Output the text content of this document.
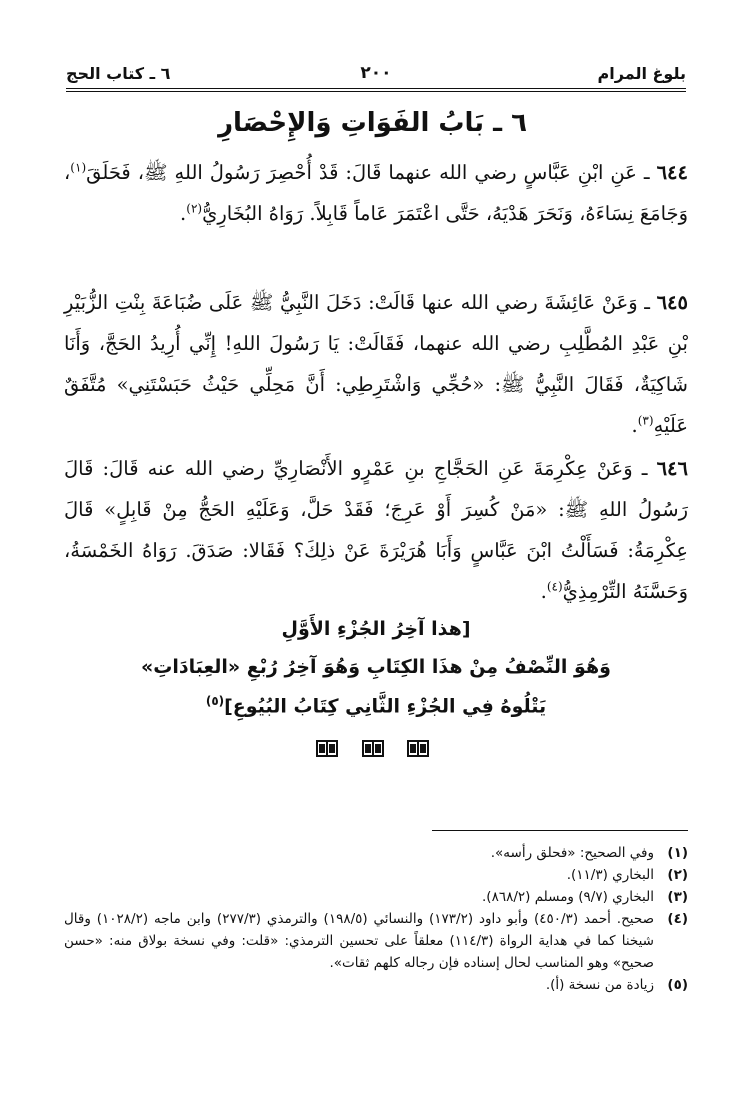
بلوغ المرام
٢٠٠
٦ ـ كتاب الحج
٦ ـ بَابُ الفَوَاتِ وَالإِحْصَارِ
٦٤٤ ـ عَنِ ابْنِ عَبَّاسٍ رضي الله عنهما قَالَ: قَدْ أُحْصِرَ رَسُولُ اللهِ ﷺ، فَحَلَقَ$^{(١)}$، وَجَامَعَ نِسَاءَهُ، وَنَحَرَ هَدْيَهُ، حَتَّى اعْتَمَرَ عَاماً قَابِلاً. رَوَاهُ البُخَارِيُّ$^{(٢)}$.
٦٤٥ ـ وَعَنْ عَائِشَةَ رضي الله عنها قَالَتْ: دَخَلَ النَّبِيُّ ﷺ عَلَى ضُبَاعَةَ بِنْتِ الزُّبَيْرِ بْنِ عَبْدِ المُطَّلِبِ رضي الله عنهما، فَقَالَتْ: يَا رَسُولَ اللهِ! إِنِّي أُرِيدُ الحَجَّ، وَأَنَا شَاكِيَةٌ، فَقَالَ النَّبِيُّ ﷺ: «حُجِّي وَاشْتَرِطِي: أَنَّ مَحِلِّي حَيْثُ حَبَسْتَنِي» مُتَّفَقٌ عَلَيْهِ$^{(٣)}$.
٦٤٦ ـ وَعَنْ عِكْرِمَةَ عَنِ الحَجَّاجِ بنِ عَمْرٍو الأَنْصَارِيِّ رضي الله عنه قَالَ: قَالَ رَسُولُ اللهِ ﷺ: «مَنْ كُسِرَ أَوْ عَرِجَ؛ فَقَدْ حَلَّ، وَعَلَيْهِ الحَجُّ مِنْ قَابِلٍ» قَالَ عِكْرِمَةُ: فَسَأَلْتُ ابْنَ عَبَّاسٍ وَأَبَا هُرَيْرَةَ عَنْ ذلِكَ؟ فَقَالا: صَدَقَ. رَوَاهُ الخَمْسَةُ، وَحَسَّنَهُ التِّرْمِذِيُّ$^{(٤)}$.
[هذا آخِرُ الجُزْءِ الأَوَّلِ
وَهُوَ النِّصْفُ مِنْ هذَا الكِتَابِ وَهُوَ آخِرُ رُبْعِ «العِبَادَاتِ»
يَتْلُوهُ فِي الجُزْءِ الثَّانِي كِتَابُ البُيُوعِ]$^{(٥)}$

(١)
وفي الصحيح: «فحلق رأسه».
(٢)
البخاري (١١/٣).
(٣)
البخاري (٩/٧) ومسلم (٨٦٨/٢).
(٤)
صحيح. أحمد (٤٥٠/٣) وأبو داود (١٧٣/٢) والنسائي (١٩٨/٥) والترمذي (٢٧٧/٣) وابن ماجه (١٠٢٨/٢) وقال شيخنا كما في هداية الرواة (١١٤/٣) معلقاً على تحسين الترمذي: «قلت: وفي نسخة بولاق منه: «حسن صحيح» وهو المناسب لحال إسناده فإن رجاله كلهم ثقات».
(٥)
زيادة من نسخة (أ).
